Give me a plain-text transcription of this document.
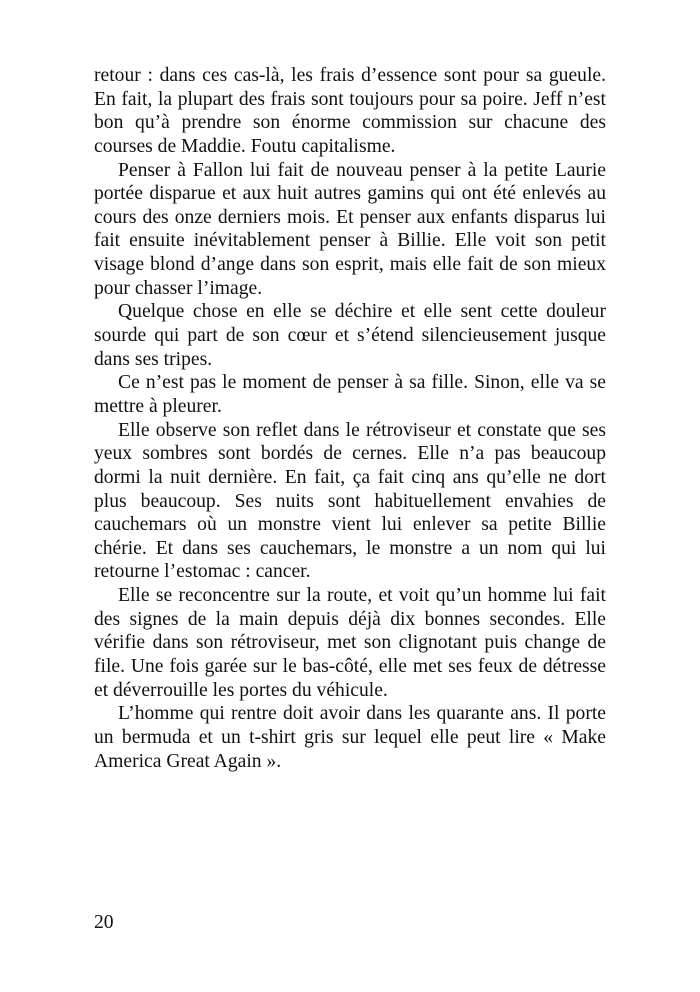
retour : dans ces cas-là, les frais d’essence sont pour sa gueule.
En fait, la plupart des frais sont toujours pour sa poire. Jeff n’est
bon qu’à prendre son énorme commission sur chacune des
courses de Maddie. Foutu capitalisme.
Penser à Fallon lui fait de nouveau penser à la petite Laurie
portée disparue et aux huit autres gamins qui ont été enlevés au
cours des onze derniers mois. Et penser aux enfants disparus lui
fait ensuite inévitablement penser à Billie. Elle voit son petit
visage blond d’ange dans son esprit, mais elle fait de son mieux
pour chasser l’image.
Quelque chose en elle se déchire et elle sent cette douleur
sourde qui part de son cœur et s’étend silencieusement jusque
dans ses tripes.
Ce n’est pas le moment de penser à sa fille. Sinon, elle va se
mettre à pleurer.
Elle observe son reflet dans le rétroviseur et constate que ses
yeux sombres sont bordés de cernes. Elle n’a pas beaucoup
dormi la nuit dernière. En fait, ça fait cinq ans qu’elle ne dort
plus beaucoup. Ses nuits sont habituellement envahies de
cauchemars où un monstre vient lui enlever sa petite Billie
chérie. Et dans ses cauchemars, le monstre a un nom qui lui
retourne l’estomac : cancer.
Elle se reconcentre sur la route, et voit qu’un homme lui fait
des signes de la main depuis déjà dix bonnes secondes. Elle
vérifie dans son rétroviseur, met son clignotant puis change de
file. Une fois garée sur le bas-côté, elle met ses feux de détresse
et déverrouille les portes du véhicule.
L’homme qui rentre doit avoir dans les quarante ans. Il porte
un bermuda et un t-shirt gris sur lequel elle peut lire « Make
America Great Again ».
20
